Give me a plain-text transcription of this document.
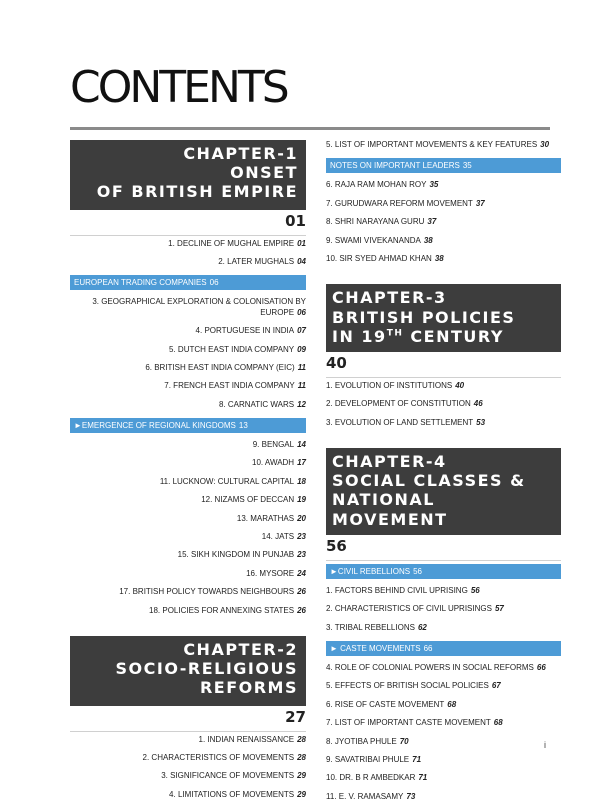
CONTENTS
CHAPTER-1
ONSET
OF BRITISH EMPIRE
01
1. DECLINE OF MUGHAL EMPIRE 01
2. LATER MUGHALS 04
EUROPEAN TRADING COMPANIES 06
3. GEOGRAPHICAL EXPLORATION & COLONISATION BY EUROPE 06
4. PORTUGUESE IN INDIA 07
5. DUTCH EAST INDIA COMPANY 09
6. BRITISH EAST INDIA COMPANY (EIC) 11
7. FRENCH EAST INDIA COMPANY 11
8. CARNATIC WARS 12
►EMERGENCE OF REGIONAL KINGDOMS 13
9. BENGAL 14
10. AWADH 17
11. LUCKNOW: CULTURAL CAPITAL 18
12. NIZAMS OF DECCAN 19
13. MARATHAS 20
14. JATS 23
15. SIKH KINGDOM IN PUNJAB 23
16. MYSORE 24
17. BRITISH POLICY TOWARDS NEIGHBOURS 26
18. POLICIES FOR ANNEXING STATES 26
CHAPTER-2
SOCIO-RELIGIOUS
REFORMS
27
1. INDIAN RENAISSANCE 28
2. CHARACTERISTICS OF MOVEMENTS 28
3. SIGNIFICANCE OF MOVEMENTS 29
4. LIMITATIONS OF MOVEMENTS 29
5. LIST OF IMPORTANT MOVEMENTS & KEY FEATURES 30
NOTES ON IMPORTANT LEADERS 35
6. RAJA RAM MOHAN ROY 35
7. GURUDWARA REFORM MOVEMENT 37
8. SHRI NARAYANA GURU 37
9. SWAMI VIVEKANANDA 38
10. SIR SYED AHMAD KHAN 38
CHAPTER-3
BRITISH POLICIES
IN 19TH CENTURY
40
1. EVOLUTION OF INSTITUTIONS 40
2. DEVELOPMENT OF CONSTITUTION 46
3. EVOLUTION OF LAND SETTLEMENT 53
CHAPTER-4
SOCIAL CLASSES &
NATIONAL MOVEMENT
56
►CIVIL REBELLIONS 56
1. FACTORS BEHIND CIVIL UPRISING 56
2. CHARACTERISTICS OF CIVIL UPRISINGS 57
3. TRIBAL REBELLIONS 62
► CASTE MOVEMENTS 66
4. ROLE OF COLONIAL POWERS IN SOCIAL REFORMS 66
5. EFFECTS OF BRITISH SOCIAL POLICIES 67
6. RISE OF CASTE MOVEMENT 68
7. LIST OF IMPORTANT CASTE MOVEMENT 68
8. JYOTIBA PHULE 70
9. SAVATRIBAI PHULE 71
10. DR. B R AMBEDKAR 71
11. E. V. RAMASAMY 73
i
